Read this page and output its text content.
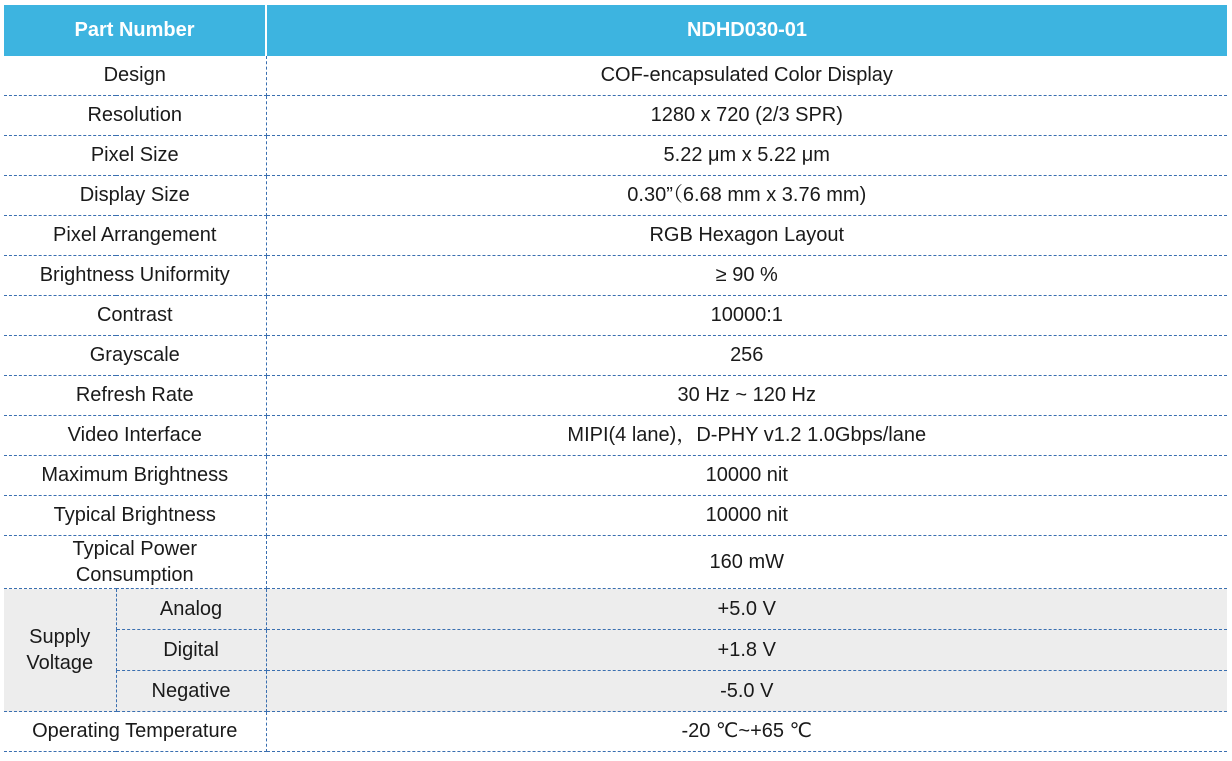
Part Number		NDHD030-01
Design		COF-encapsulated Color Display
Resolution		1280 x 720 (2/3 SPR)
Pixel Size		5.22 μm x 5.22 μm
Display Size		0.30”（6.68 mm x 3.76 mm)
Pixel Arrangement		RGB Hexagon Layout
Brightness Uniformity		≥ 90 %
Contrast		10000:1
Grayscale		256
Refresh Rate		30 Hz ~ 120 Hz
Video Interface		MIPI(4 lane)，D-PHY v1.2 1.0Gbps/lane
Maximum Brightness		10000 nit
Typical Brightness		10000 nit
Typical Power
Consumption		160 mW
Supply
Voltage	Analog	+5.0 V
	Digital	+1.8 V
	Negative	-5.0 V
Operating Temperature		-20 ℃~+65 ℃
